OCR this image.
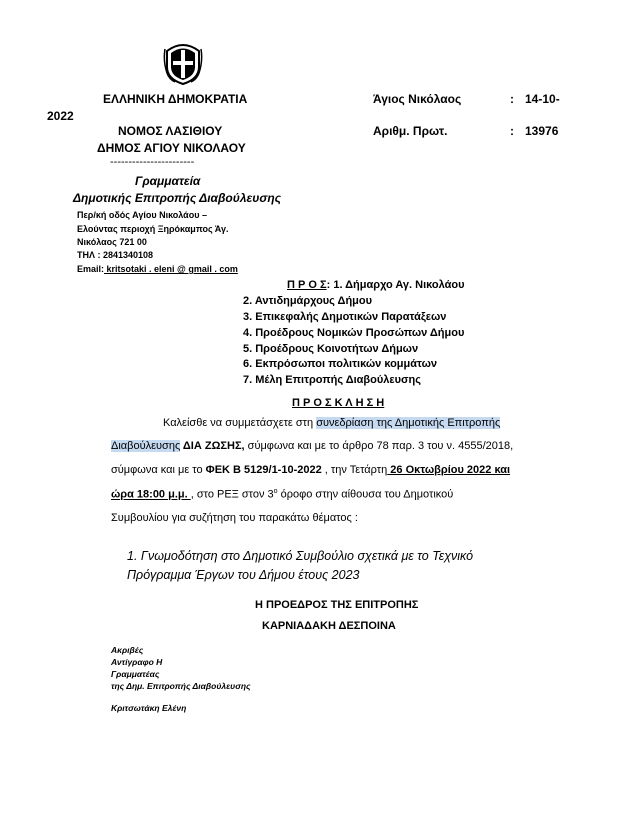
ΕΛΛΗΝΙΚΗ ΔΗΜΟΚΡΑΤΙΑ	Άγιος Νικόλαος	: 14-10-
2022
ΝΟΜΟΣ ΛΑΣΙΘΙΟΥ	Αριθμ. Πρωτ.	: 13976
ΔΗΜΟΣ ΑΓΙΟΥ ΝΙΚΟΛΑΟΥ
-----------------------
Γραμματεία
Δημοτικής Επιτροπής Διαβούλευσης
Περ/κή οδός Αγίου Νικολάου –
Ελούντας περιοχή Ξηρόκαμπος Άγ.
Νικόλαος 721 00
ΤΗΛ : 2841340108
Email: kritsotaki . eleni @ gmail . com
Π Ρ Ο Σ: 1. Δήμαρχο Αγ. Νικολάου
2. Αντιδημάρχους Δήμου
3. Επικεφαλής Δημοτικών Παρατάξεων
4. Προέδρους Νομικών Προσώπων Δήμου
5. Προέδρους Κοινοτήτων Δήμων
6. Εκπρόσωποι πολιτικών κομμάτων
7. Μέλη Επιτροπής Διαβούλευσης
Π Ρ Ο Σ Κ Λ Η Σ Η
Καλείσθε να συμμετάσχετε στη συνεδρίαση της Δημοτικής Επιτροπής
Διαβούλευσης ΔΙΑ ΖΩΣΗΣ, σύμφωνα και με το άρθρο 78 παρ. 3 του ν. 4555/2018,
σύμφωνα και με το ΦΕΚ Β 5129/1-10-2022 , την Τετάρτη 26 Οκτωβρίου 2022 και
ώρα 18:00 μ.μ. , στο ΡΕΞ στον $3^o$ όροφο στην αίθουσα του Δημοτικού
Συμβουλίου για συζήτηση του παρακάτω θέματος :
1. Γνωμοδότηση στο Δημοτικό Συμβούλιο σχετικά με το Τεχνικό
Πρόγραμμα Έργων του Δήμου έτους 2023
Η ΠΡΟΕΔΡΟΣ ΤΗΣ ΕΠΙΤΡΟΠΗΣ
ΚΑΡΝΙΑΔΑΚΗ ΔΕΣΠΟΙΝΑ
Ακριβές
Αντίγραφο Η
Γραμματέας
της Δημ. Επιτροπής Διαβούλευσης
Κριτσωτάκη Ελένη
